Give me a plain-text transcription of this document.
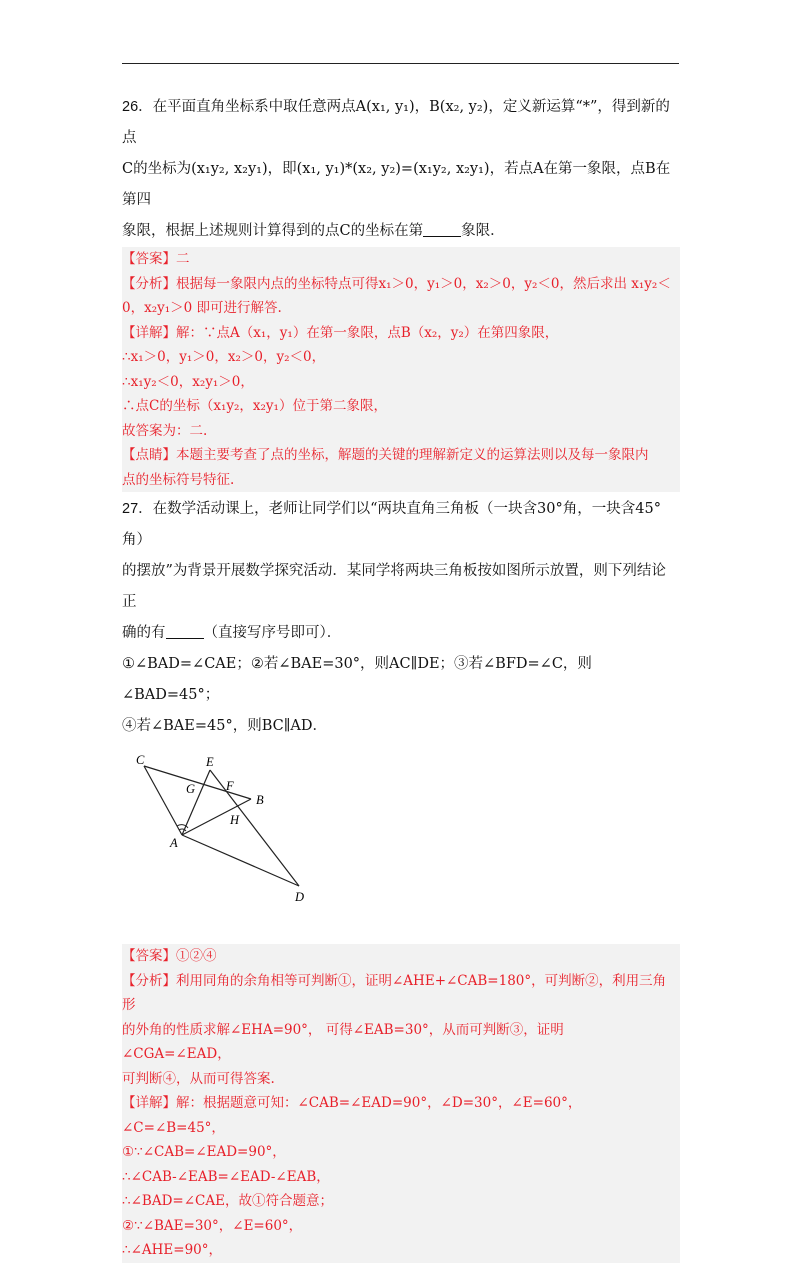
26．在平面直角坐标系中取任意两点A(x₁, y₁)，B(x₂, y₂)，定义新运算“*”，得到新的点

C的坐标为(x₁y₂, x₂y₁)，即(x₁, y₁)*(x₂, y₂)=(x₁y₂, x₂y₁)，若点A在第一象限，点B在第四

象限，根据上述规则计算得到的点C的坐标在第	象限．

【答案】二

【分析】根据每一象限内点的坐标特点可得x₁＞0，y₁＞0，x₂＞0，y₂＜0，然后求出 x₁y₂＜

0，x₂y₁＞0 即可进行解答.

【详解】解：∵点A（x₁，y₁）在第一象限，点B（x₂，y₂）在第四象限，

∴x₁＞0，y₁＞0，x₂＞0，y₂＜0，

∴x₁y₂＜0，x₂y₁＞0，

∴点C的坐标（x₁y₂，x₂y₁）位于第二象限，

故答案为：二.

【点睛】本题主要考查了点的坐标，解题的关键的理解新定义的运算法则以及每一象限内

点的坐标符号特征.

27．在数学活动课上，老师让同学们以“两块直角三角板（一块含30°角，一块含45°角）

的摆放”为背景开展数学探究活动．某同学将两块三角板按如图所示放置，则下列结论正

确的有	（直接写序号即可）．

①∠BAD=∠CAE；②若∠BAE=30°，则AC∥DE；③若∠BFD=∠C，则∠BAD=45°；

④若∠BAE=45°，则BC∥AD．

C	E
G F
B
H
A
D

【答案】①②④

【分析】利用同角的余角相等可判断①，证明∠AHE+∠CAB=180°，可判断②，利用三角形

的外角的性质求解∠EHA=90°， 可得∠EAB=30°，从而可判断③，证明 ∠CGA=∠EAD，

可判断④，从而可得答案.

【详解】解：根据题意可知：∠CAB=∠EAD=90°，∠D=30°，∠E=60°，∠C=∠B=45°，

①∵∠CAB=∠EAD=90°，

∴∠CAB-∠EAB=∠EAD-∠EAB，

∴∠BAD=∠CAE，故①符合题意；

②∵∠BAE=30°，∠E=60°，

∴∠AHE=90°，
